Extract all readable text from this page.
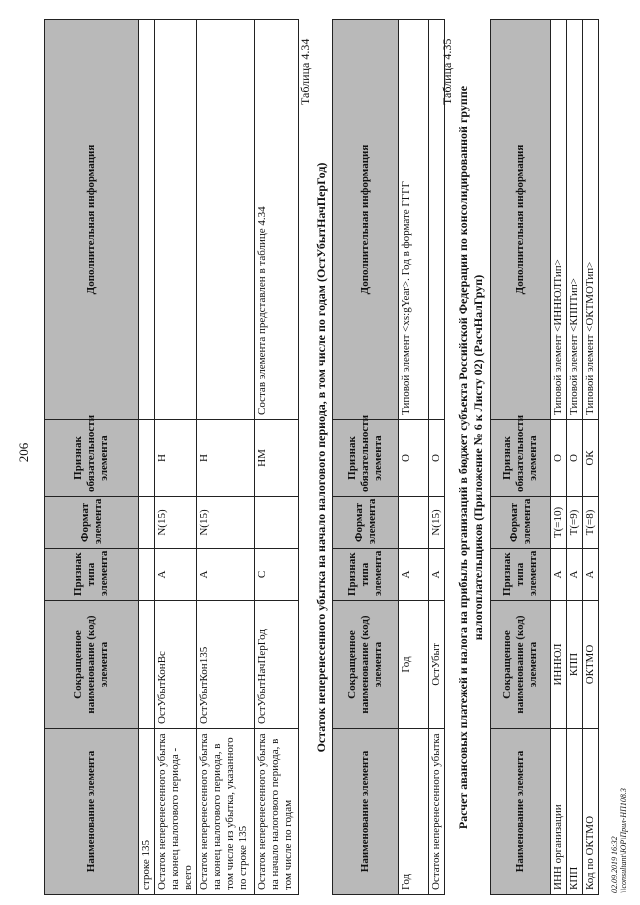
206
Наименование элемента	Сокращенное наименование (код) элемента	Признак типа элемента	Формат элемента	Признак обязательности элемента	Дополнительная информация
строке 135					
Остаток неперенесенного убытка на конец налогового периода - всего	ОстУбытКонВс	А	N(15)	Н	
Остаток неперенесенного убытка на конец налогового периода, в том числе из убытка, указанного по строке 135	ОстУбытКон135	А	N(15)	Н	
Остаток неперенесенного убытка на начало налогового периода, в том числе по годам	ОстУбытНачПерГод	С		НМ	Состав элемента представлен в таблице 4.34
Таблица 4.34
Остаток неперенесенного убытка на начало налогового периода, в том числе по годам (ОстУбытНачПерГод)
Наименование элемента	Сокращенное наименование (код) элемента	Признак типа элемента	Формат элемента	Признак обязательности элемента	Дополнительная информация
Год	Год	А		О	Типовой элемент <xs:gYear>. Год в формате ГГГГ
Остаток неперенесенного убытка	ОстУбыт	А	N(15)	О	
Таблица 4.35
Расчет авансовых платежей и налога на прибыль организаций в бюджет субъекта Российской Федерации по консолидированной группе налогоплательщиков (Приложение № 6 к Листу 02) (РасчНалГруп)
Наименование элемента	Сокращенное наименование (код) элемента	Признак типа элемента	Формат элемента	Признак обязательности элемента	Дополнительная информация
ИНН организации	ИННЮЛ	А	T(=10)	О	Типовой элемент <ИННЮЛТип>
КПП	КПП	А	T(=9)	О	Типовой элемент <КППТип>
Код по ОКТМО	ОКТМО	А	T(=8)	ОК	Типовой элемент <ОКТМОТип>
02.09.2019 16:32 \\consultant\ЮР\Прил-НП108.3
